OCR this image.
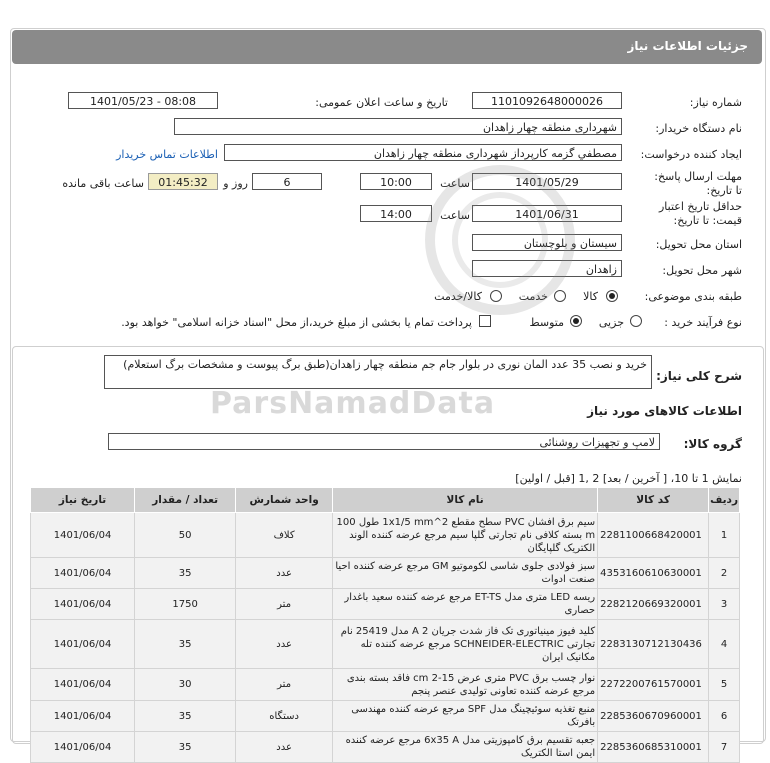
جزئیات اطلاعات نیاز
شماره نیاز:
1101092648000026
تاریخ و ساعت اعلان عمومی:
1401/05/23 - 08:08
نام دستگاه خریدار:
شهرداری منطقه چهار زاهدان
ایجاد کننده درخواست:
مصطفي گزمه كارپرداز شهرداری منطقه چهار زاهدان
اطلاعات تماس خریدار
مهلت ارسال پاسخ: تا تاریخ:
1401/05/29
ساعت
10:00
6
روز و
01:45:32
ساعت باقی مانده
حداقل تاریخ اعتبار قیمت: تا تاریخ:
1401/06/31
ساعت
14:00
استان محل تحویل:
سیستان و بلوچستان
شهر محل تحویل:
زاهدان
طبقه بندی موضوعی:
کالا
خدمت
کالا/خدمت
نوع فرآیند خرید :
جزیی
متوسط
پرداخت تمام یا بخشی از مبلغ خرید،از محل "اسناد خزانه اسلامی" خواهد بود.
شرح کلی نیاز:
خرید و نصب 35 عدد المان نوری در بلوار جام جم منطقه چهار زاهدان(طبق برگ پیوست و مشخصات برگ استعلام)
اطلاعات کالاهای مورد نیاز
گروه کالا:
لامپ و تجهیزات روشنائی
نمایش 1 تا 10، [ آخرین / بعد] 2 ,1 [قبل / اولین]
ردیف	کد کالا	نام کالا	واحد شمارش	تعداد / مقدار	تاریخ نیاز
1	2281100668420001	سیم برق افشان PVC سطح مقطع 2^1x1/5 mm طول 100 m بسته کلافی نام تجارتی گلپا سیم مرجع عرضه کننده الوند الکتریک گلپایگان	کلاف	50	1401/06/04
2	4353160610630001	سبز فولادی جلوی شاسی لکوموتیو GM مرجع عرضه کننده احیا صنعت ادوات	عدد	35	1401/06/04
3	2282120669320001	ریسه LED متری مدل ET-TS مرجع عرضه کننده سعید باغدار حصاری	متر	1750	1401/06/04
4	2283130712130436	کلید فیوز مینیاتوری تک فاز شدت جریان 2 A مدل 25419 نام تجارتی SCHNEIDER-ELECTRIC مرجع عرضه کننده تله مکانیک ایران	عدد	35	1401/06/04
5	2272200761570001	نوار چسب برق PVC متری عرض 15-2 cm فاقد بسته بندی مرجع عرضه کننده تعاونی تولیدی عنصر پنجم	متر	30	1401/06/04
6	2285360670960001	منبع تغذیه سوئیچینگ مدل SPF مرجع عرضه کننده مهندسی بافرتک	دستگاه	35	1401/06/04
7	2285360685310001	جعبه تقسیم برق کامپوزیتی مدل 6x35 A مرجع عرضه کننده ایمن استا الکتریک	عدد	35	1401/06/04
ParsNamadData
